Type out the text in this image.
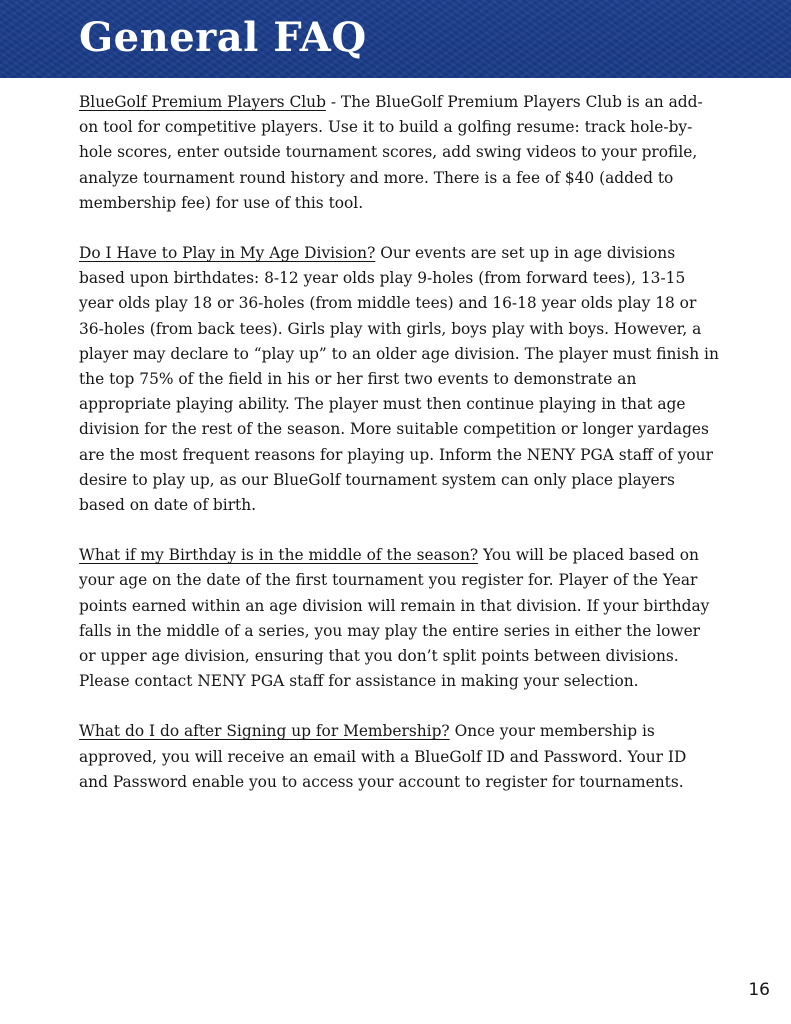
General FAQ

BlueGolf Premium Players Club - The BlueGolf Premium Players Club is an add-on tool for competitive players. Use it to build a golfing resume: track hole-by-hole scores, enter outside tournament scores, add swing videos to your profile, analyze tournament round history and more. There is a fee of $40 (added to membership fee) for use of this tool.

Do I Have to Play in My Age Division? Our events are set up in age divisions based upon birthdates: 8-12 year olds play 9-holes (from forward tees), 13-15 year olds play 18 or 36-holes (from middle tees) and 16-18 year olds play 18 or 36-holes (from back tees). Girls play with girls, boys play with boys. However, a player may declare to “play up” to an older age division. The player must finish in the top 75% of the field in his or her first two events to demonstrate an appropriate playing ability. The player must then continue playing in that age division for the rest of the season. More suitable competition or longer yardages are the most frequent reasons for playing up. Inform the NENY PGA staff of your desire to play up, as our BlueGolf tournament system can only place players based on date of birth.

What if my Birthday is in the middle of the season? You will be placed based on your age on the date of the first tournament you register for. Player of the Year points earned within an age division will remain in that division. If your birthday falls in the middle of a series, you may play the entire series in either the lower or upper age division, ensuring that you don’t split points between divisions. Please contact NENY PGA staff for assistance in making your selection.

What do I do after Signing up for Membership? Once your membership is approved, you will receive an email with a BlueGolf ID and Password. Your ID and Password enable you to access your account to register for tournaments.

16
